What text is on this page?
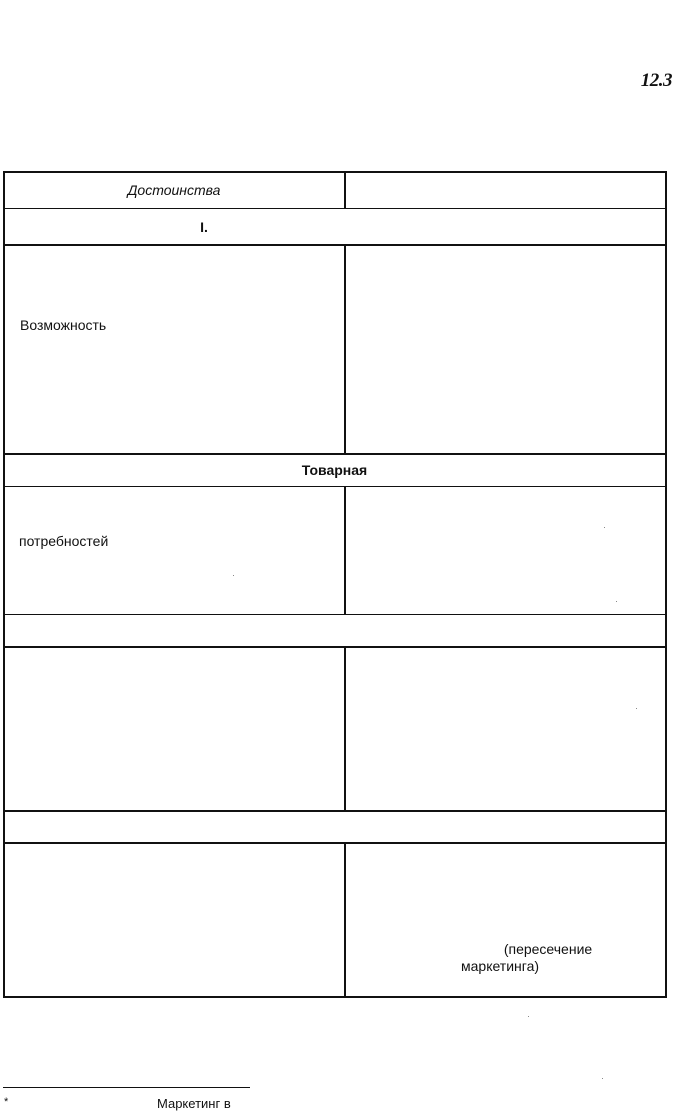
12.3
Достоинства
I.
Возможность
Товарная
потребностей
(пересечение
маркетинга)
*	Маркетинг в
